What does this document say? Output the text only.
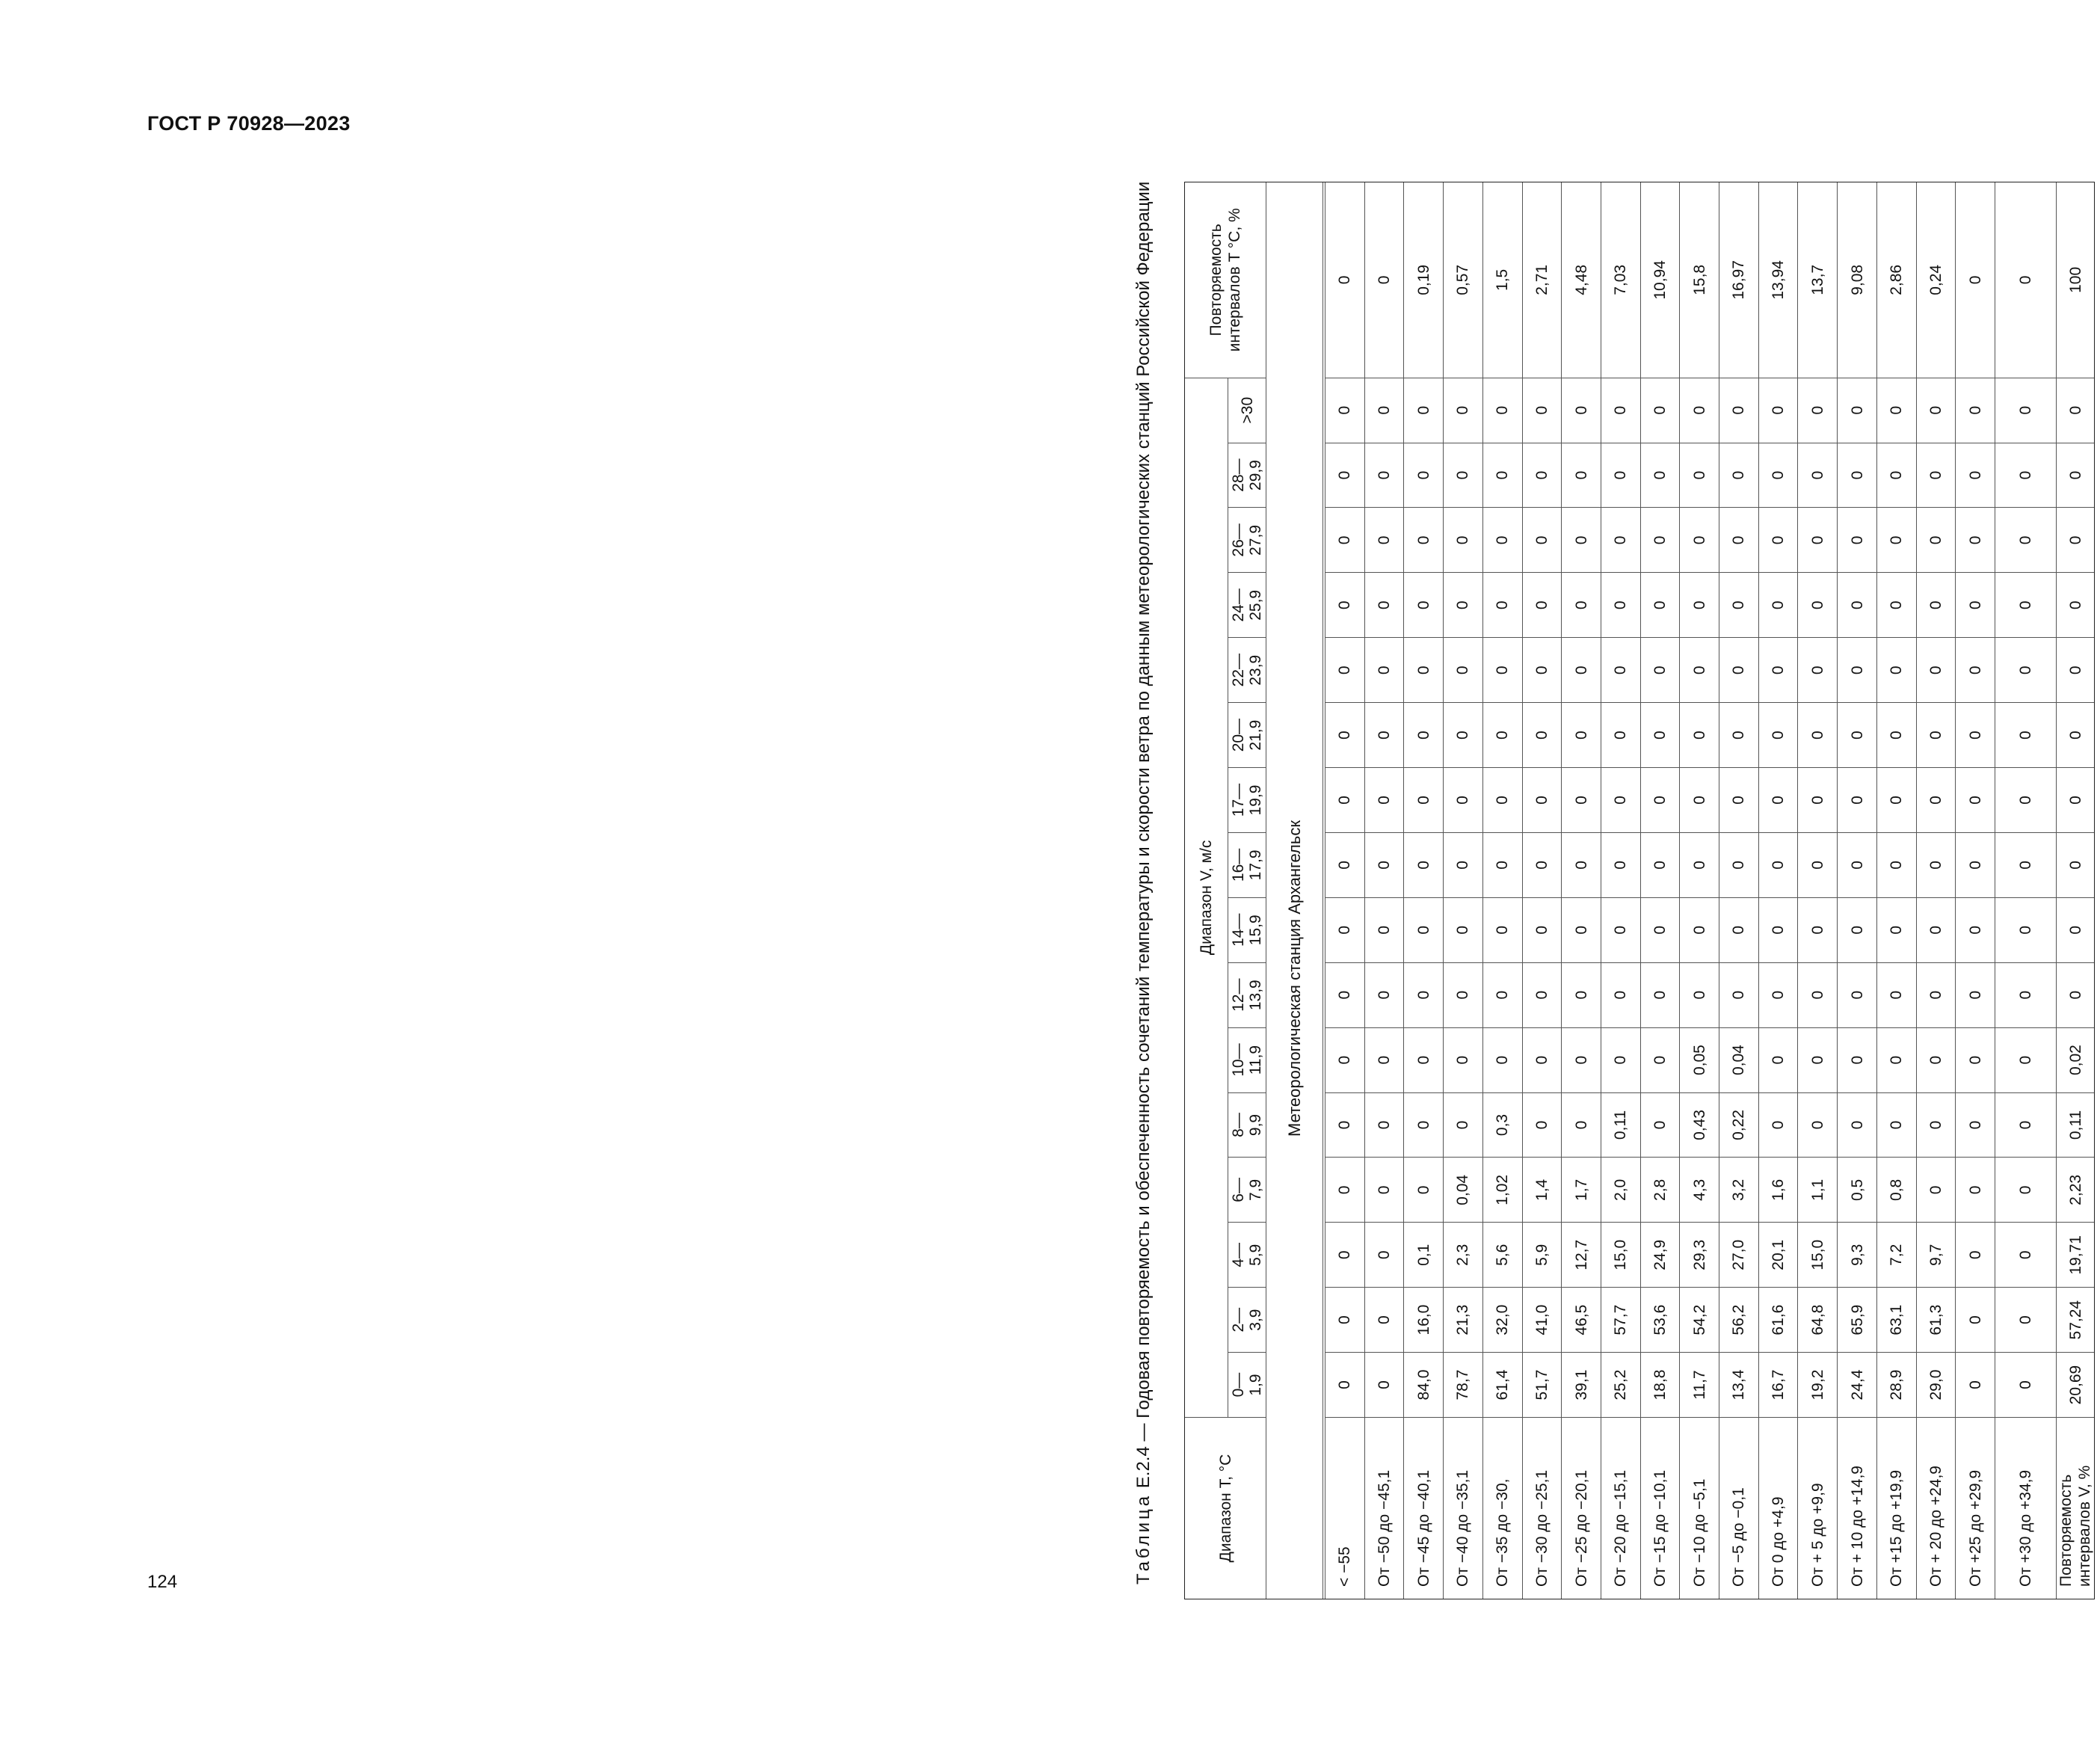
ГОСТ Р 70928—2023
124	Таблица Е.2.4 — Годовая повторяемость и обеспеченность сочетаний температуры и скорости ветра по данным метеорологических станций Российской Федерации
Диапазон T, °C
Диапазон V, м/с
Повторяемость интервалов T °C, %
0— 1,9
2— 3,9
4— 5,9
6— 7,9
8— 9,9
10— 11,9
12— 13,9
14— 15,9
16— 17,9
17— 19,9
20— 21,9
22— 23,9
24— 25,9
26— 27,9
28— 29,9
>30
Метеорологическая станция Архангельск
< −55
0
0
0
0
0
0
0
0
0
0
0
0
0
0
0
0
0
От −50 до −45,1
0
0
0
0
0
0
0
0
0
0
0
0
0
0
0
0
0
От −45 до −40,1
84,0
16,0
0,1
0
0
0
0
0
0
0
0
0
0
0
0
0
0,19
От −40 до −35,1
78,7
21,3
2,3
0,04
0
0
0
0
0
0
0
0
0
0
0
0
0,57
От −35 до −30,
61,4
32,0
5,6
1,02
0,3
0
0
0
0
0
0
0
0
0
0
0
1,5
От −30 до −25,1
51,7
41,0
5,9
1,4
0
0
0
0
0
0
0
0
0
0
0
0
2,71
От −25 до −20,1
39,1
46,5
12,7
1,7
0
0
0
0
0
0
0
0
0
0
0
0
4,48
От −20 до −15,1
25,2
57,7
15,0
2,0
0,11
0
0
0
0
0
0
0
0
0
0
0
7,03
От −15 до −10,1
18,8
53,6
24,9
2,8
0
0
0
0
0
0
0
0
0
0
0
0
10,94
От −10 до −5,1
11,7
54,2
29,3
4,3
0,43
0,05
0
0
0
0
0
0
0
0
0
0
15,8
От −5 до −0,1
13,4
56,2
27,0
3,2
0,22
0,04
0
0
0
0
0
0
0
0
0
0
16,97
От 0 до +4,9
16,7
61,6
20,1
1,6
0
0
0
0
0
0
0
0
0
0
0
0
13,94
От + 5 до +9,9
19,2
64,8
15,0
1,1
0
0
0
0
0
0
0
0
0
0
0
0
13,7
От + 10 до +14,9
24,4
65,9
9,3
0,5
0
0
0
0
0
0
0
0
0
0
0
0
9,08
От +15 до +19,9
28,9
63,1
7,2
0,8
0
0
0
0
0
0
0
0
0
0
0
0
2,86
От + 20 до +24,9
29,0
61,3
9,7
0
0
0
0
0
0
0
0
0
0
0
0
0
0,24
От +25 до +29,9
0
0
0
0
0
0
0
0
0
0
0
0
0
0
0
0
0
От +30 до +34,9
0
0
0
0
0
0
0
0
0
0
0
0
0
0
0
0
0
Повторяемость интервалов V, %
20,69
57,24
19,71
2,23
0,11
0,02
0
0
0
0
0
0
0
0
0
0
100
